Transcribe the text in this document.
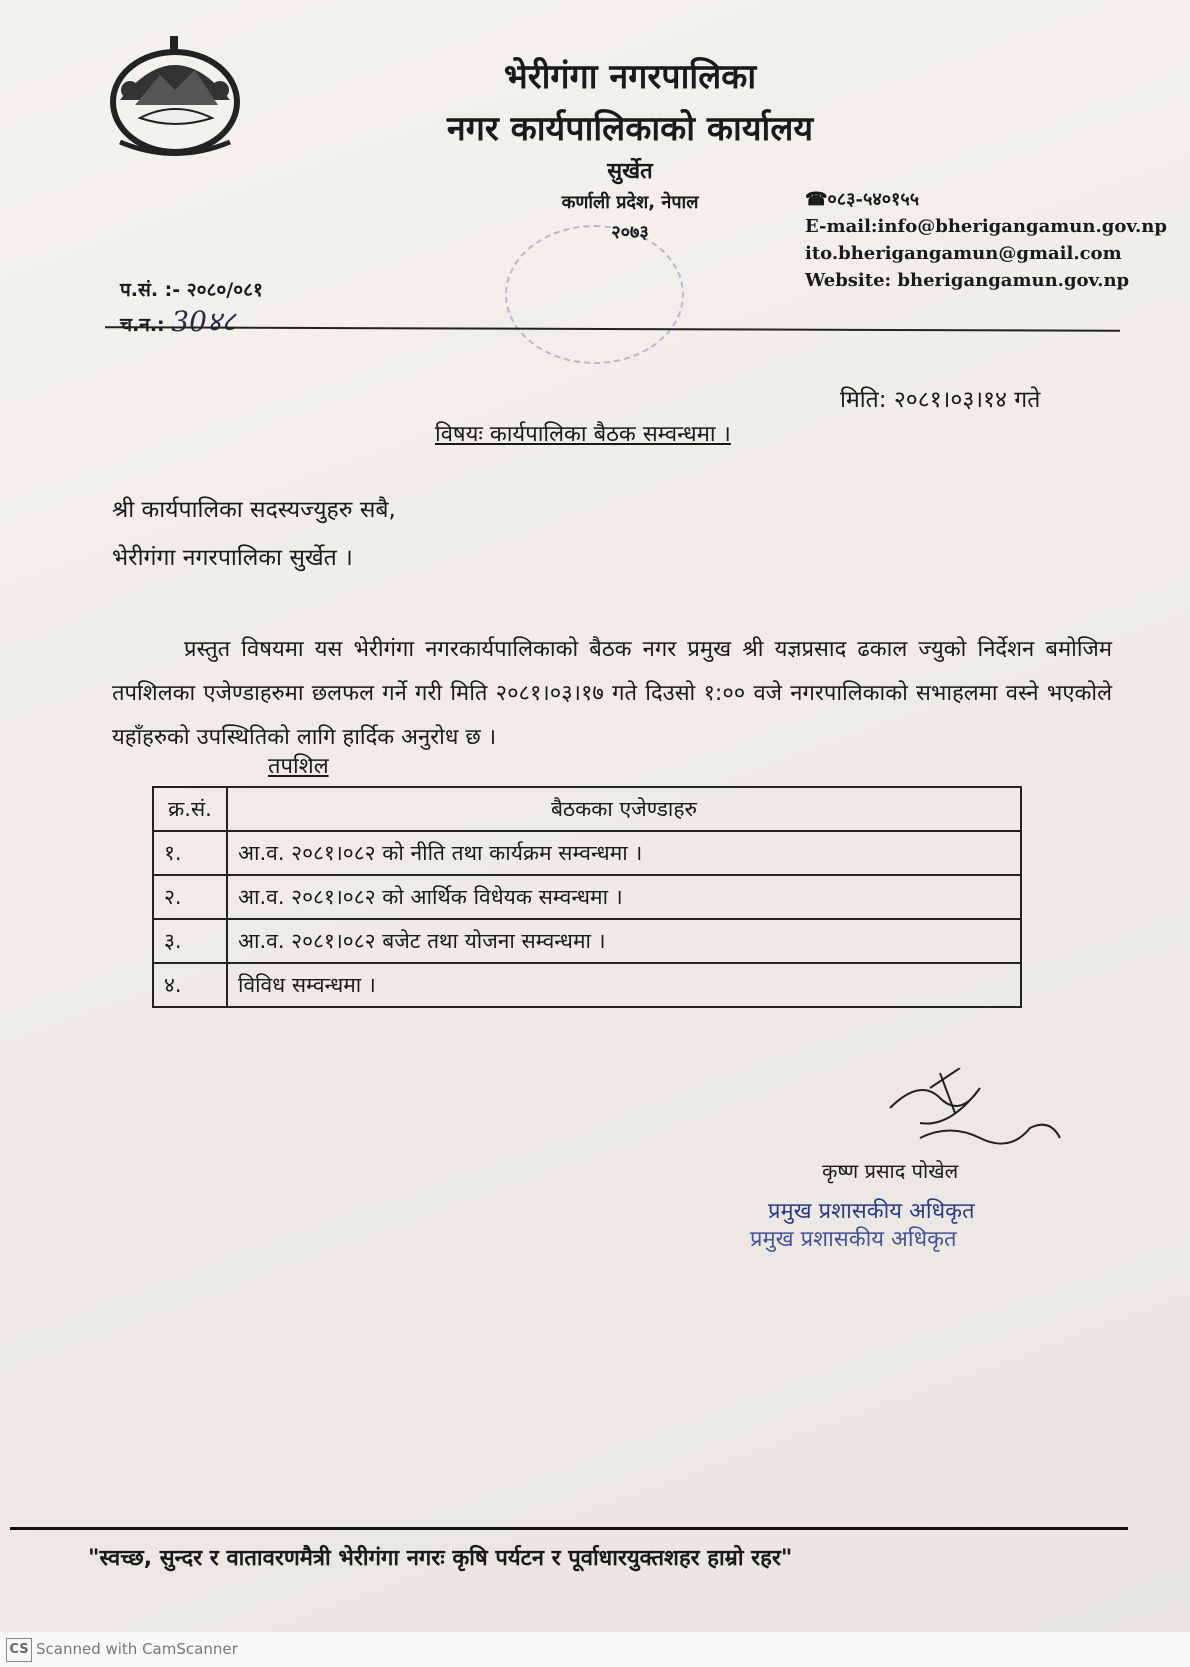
भेरीगंगा नगरपालिका
नगर कार्यपालिकाको कार्यालय
सुर्खेत
कर्णाली प्रदेश, नेपाल
२०७३
☎०८३-५४०१५५
E-mail:info@bherigangamun.gov.np
ito.bherigangamun@gmail.com
Website: bherigangamun.gov.np
प.सं. :- २०८०/०८१
च.न.: 30४८
मिति: २०८१।०३।१४ गते
विषयः कार्यपालिका बैठक सम्वन्धमा ।
श्री कार्यपालिका सदस्यज्युहरु सबै,
भेरीगंगा नगरपालिका सुर्खेत ।
प्रस्तुत विषयमा यस भेरीगंगा नगरकार्यपालिकाको बैठक नगर प्रमुख श्री यज्ञप्रसाद ढकाल ज्युको निर्देशन बमोजिम तपशिलका एजेण्डाहरुमा छलफल गर्ने गरी मिति २०८१।०३।१७ गते दिउसो १:०० वजे नगरपालिकाको सभाहलमा वस्ने भएकोले यहाँहरुको उपस्थितिको लागि हार्दिक अनुरोध छ ।
तपशिल
क्र.सं.	बैठकका एजेण्डाहरु
१.	आ.व. २०८१।०८२ को नीति तथा कार्यक्रम सम्वन्धमा ।
२.	आ.व. २०८१।०८२ को आर्थिक विधेयक सम्वन्धमा ।
३.	आ.व. २०८१।०८२ बजेट तथा योजना सम्वन्धमा ।
४.	विविध सम्वन्धमा ।
कृष्ण प्रसाद पोखेल
प्रमुख प्रशासकीय अधिकृत
प्रमुख प्रशासकीय अधिकृत
"स्वच्छ, सुन्दर र वातावरणमैत्री भेरीगंगा नगरः कृषि पर्यटन र पूर्वाधारयुक्तशहर हाम्रो रहर"
CS Scanned with CamScanner
